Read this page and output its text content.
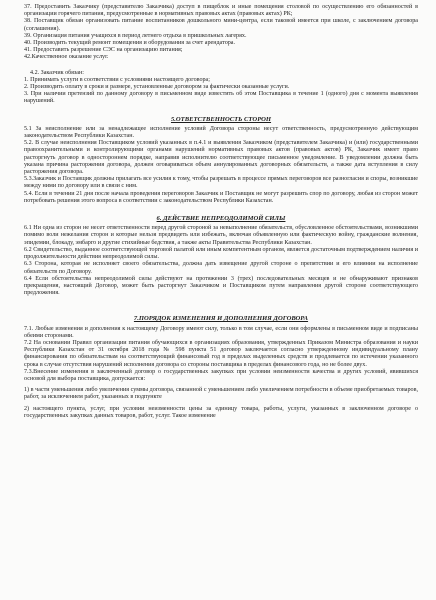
37. Предоставить Заказчику (представителю Заказчика) доступ в пищеблок и иные помещения столовой по осуществлению его обязанностей в организации горячего питания, предусмотренные в нормативных правовых актах (правовых актах) РК;

38. Поставщик обязан организовать питание воспитанников дошкольного мини-центра, если таковой имеется при школе, с заключением договора (соглашения).

39. Организация питания учащихся в период летнего отдыха в пришкольных лагерях.

40. Производить текущий ремонт помещения и оборудования за счет арендатора.

41. Предоставить разрешение СЭС на организацию питания;

42.Качественное оказание услуг.

4.2. Заказчик обязан:

1. Принимать услуги в соответствии с условиями настоящего договора;

2. Производить оплату в сроки и размере, установленные договором за фактически оказанные услуги.

3. При наличии претензий по данному договору в письменном виде известить об этом Поставщика в течение 1 (одного) дня с момента выявления нарушений.

5.ОТВЕТСТВЕННОСТЬ СТОРОН

5.1 За неисполнение или за ненадлежащее исполнение условий Договора стороны несут ответственность, предусмотренную действующим законодательством Республики Казахстан.

5.2. В случае неисполнения Поставщиком условий указанных в п.4.1 и выявления Заказчиком (представителем Заказчика) и (или) государственными правоохранительными и контролирующими органами нарушений нормативных правовых актов (правовых актов) РК, Заказчик имеет право расторгнуть договор в одностороннем порядке, направив исполнителю соответствующее письменное уведомление. В уведомлении должна быть указана причина расторжения договора, должен оговариваться объем аннулированных договорных обязательств, а также дата вступления в силу расторжения договора.

5.3.Заказчик и Поставщик должны прилагать все усилия к тому, чтобы разрешать в процессе прямых переговоров все разногласия и споры, возникшие между ними по договору или в связи с ним.

5.4. Если в течении 21 дня после начала проведения переговоров Заказчик и Поставщик не могут разрешить спор по договору, любая из сторон может потребовать решения этого вопроса в соответствии с законодательством Республики Казахстан.

6. ДЕЙСТВИЕ НЕПРЕОДОЛИМОЙ СИЛЫ

6.1 Ни одна из сторон не несет ответственности перед другой стороной за невыполнение обязательств, обусловленное обстоятельствами, возникшими помимо воли нежелания сторон и которые нельзя предвидеть или избежать, включая объявленную или фактическую войну, гражданские волнения, эпидемии, блокаду, эмбарго и другие стихийные бедствия, а также акты Правительства Республики Казахстан.

6.2 Свидетельство, выданное соответствующей торговой палатой или иным компетентным органом, является достаточным подтверждением наличия и продолжительности действия непреодолимой силы.

6.3 Сторона, которая не исполняет своего обязательства, должна дать извещение другой стороне о препятствии и его влиянии на исполнение обязательств по Договору.

6.4 Если обстоятельства непреодолимой силы действуют на протяжении 3 (трех) последовательных месяцев и не обнаруживают признаков прекращения, настоящий Договор, может быть расторгнут Заказчиком и Поставщиком путем направления другой стороне соответствующего предложения.

7.ПОРЯДОК ИЗМЕНЕНИЯ И ДОПОЛНЕНИЯ ДОГОВОРА

7.1. Любые изменения и дополнения к настоящему Договору имеют силу, только в том случае, если они оформлены в письменном виде и подписаны обеими сторонами.

7.2 На основании Правил организации питания обучающихся в организациях образования, утвержденных Приказом Министра образования и науки Республики Казахстан от 31 октября 2018 года № 598 пункта 51 договор заключается согласно утвержденному индивидуальному плану финансирования по обязательствам на соответствующий финансовый год в пределах выделенных средств и продлевается по истечении указанного срока в случае отсутствия нарушений исполнения договора со стороны поставщика в пределах финансового года, но не более двух.

7.3.Внесение изменения в заключенный договор о государственных закупках при условии неизменности качества и других условий, явившихся основой для выбора поставщика, допускается:

1) в части уменьшения либо увеличения суммы договора, связанной с уменьшением либо увеличением потребности в объеме приобретаемых товаров, работ, за исключением работ, указанных в подпункте

2) настоящего пункта, услуг, при условии неизменности цены за единицу товара, работы, услуги, указанных в заключенном договоре о государственных закупках данных товаров, работ, услуг. Такое изменение
